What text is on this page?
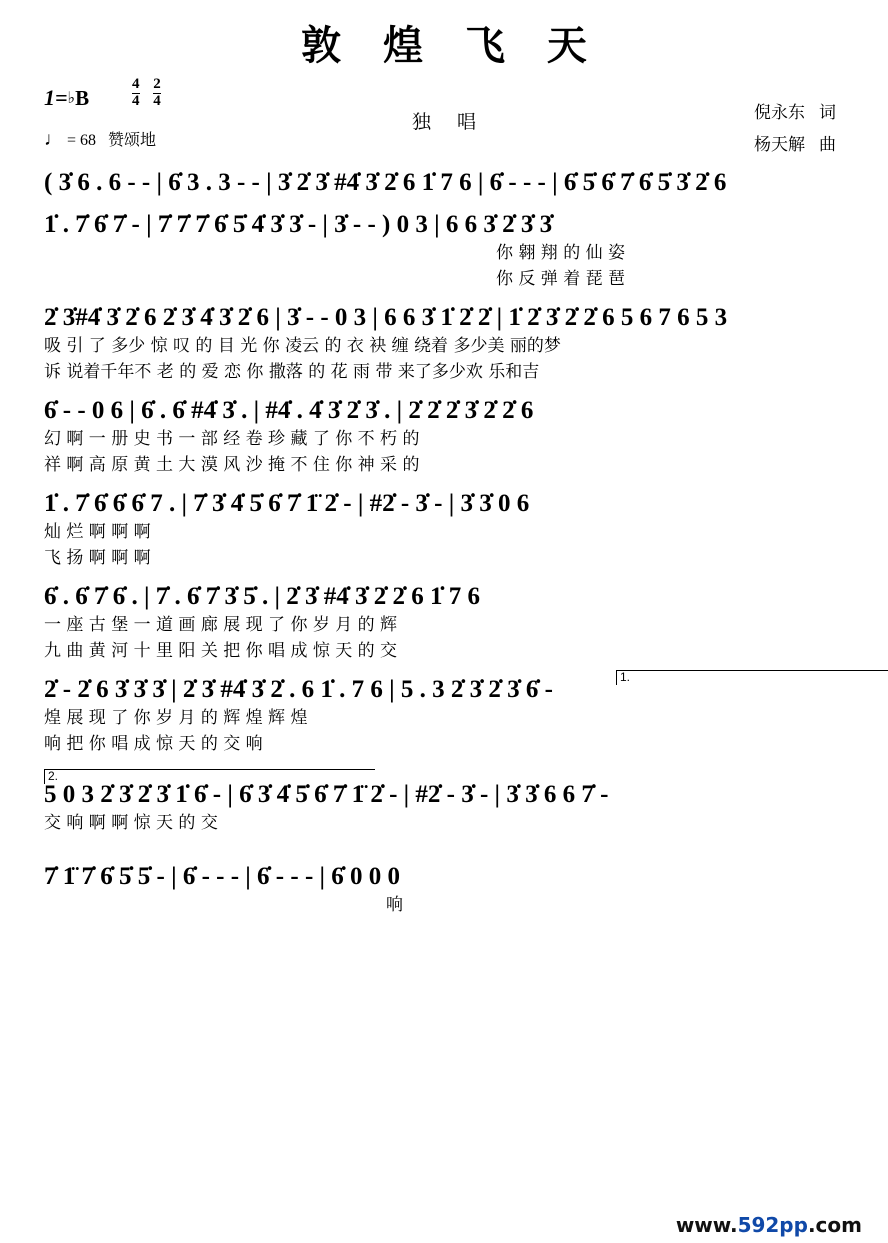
敦 煌 飞 天
1=♭B	$\frac{4}{4}$
$\frac{2}{4}$
♩ = 68 赞颂地
独 唱	倪永东 词
杨天解 曲
( 3̇ 6 . 6 - - | 6̇ 3 . 3 - - | 3̇ 2̇ 3̇ #4̇ 3̇ 2̇ 6 1̇ 7 6 | 6̇ - - - | 6̇ 5̇ 6̇ 7̇ 6̇ 5̇ 3̇ 2̇ 6
1̇ . 7̇ 6̇ 7̇ - | 7̇ 7̇ 7̇ 6̇ 5̇ 4̇ 3̇ 3̇ - | 3̇ - - ) 0 3 | 6 6 3̇ 2̇ 3̇ 3̇
你 翱 翔 的 仙 姿
你 反 弹 着 琵 琶
2̇ 3̇#4̇ 3̇ 2̇ 6 2̇ 3̇ 4̇ 3̇ 2̇ 6 | 3̇ - - 0 3 | 6 6 3̇ 1̇ 2̇ 2̇ | 1̇ 2̇ 3̇ 2̇ 2̇ 6 5 6 7 6 5 3
吸 引 了 多少 惊 叹 的 目 光 你 凌云 的 衣 袂 缠 绕着 多少美 丽的梦
诉 说着千年不 老 的 爱 恋 你 撒落 的 花 雨 带 来了多少欢 乐和吉
6̇ - - 0 6 | 6̇ . 6̇ #4̇ 3̇ . | #4̇ . 4̇ 3̇ 2̇ 3̇ . | 2̇ 2̇ 2̇ 3̇ 2̇ 2̇ 6
幻 啊 一 册 史 书 一 部 经 卷 珍 藏 了 你 不 朽 的
祥 啊 高 原 黄 土 大 漠 风 沙 掩 不 住 你 神 采 的
1̇ . 7̇ 6̇ 6̇ 6̇ 7 . | 7̇ 3̇ 4̇ 5̇ 6̇ 7̇ 1̈ 2̇ - | #2̇ - 3̇ - | 3̇ 3̇ 0 6
灿 烂 啊 啊 啊
飞 扬 啊 啊 啊
6̇ . 6̇ 7̇ 6̇ . | 7̇ . 6̇ 7̇ 3̇ 5̇ . | 2̇ 3̇ #4̇ 3̇ 2̇ 2̇ 6 1̇ 7 6
一 座 古 堡 一 道 画 廊 展 现 了 你 岁 月 的 辉
九 曲 黄 河 十 里 阳 关 把 你 唱 成 惊 天 的 交
1.
2̇ - 2̇ 6 3̇ 3̇ 3̇ | 2̇ 3̇ #4̇ 3̇ 2̇ . 6 1̇ . 7 6 | 5 . 3 2̇ 3̇ 2̇ 3̇ 6̇ -
煌 展 现 了 你 岁 月 的 辉 煌 辉 煌
响 把 你 唱 成 惊 天 的 交 响
2.
5 0 3 2̇ 3̇ 2̇ 3̇ 1̇ 6̇ - | 6̇ 3̇ 4̇ 5̇ 6̇ 7̇ 1̈ 2̇ - | #2̇ - 3̇ - | 3̇ 3̇ 6 6 7̇ -
交 响 啊 啊 惊 天 的 交
7̇ 1̈ 7̇ 6̇ 5̇ 5̇ - | 6̇ - - - | 6̇ - - - | 6̇ 0 0 0
响
www.592pp.com
